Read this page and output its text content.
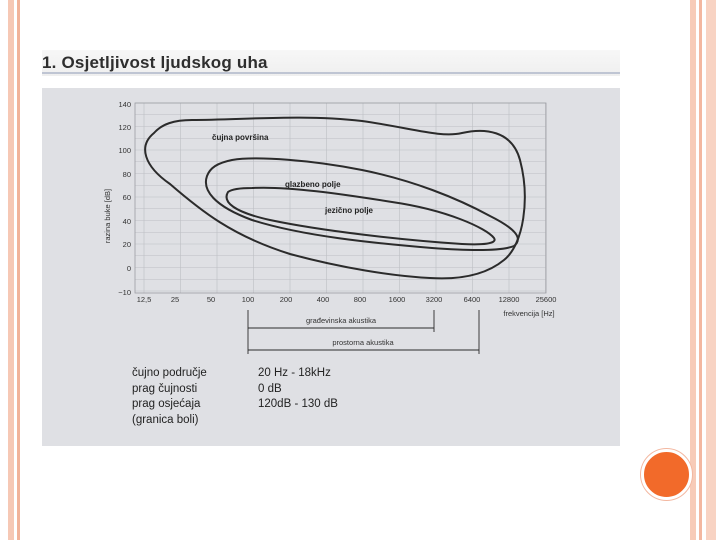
1. Osjetljivost ljudskog uha
140
120
100
80
60
40
20
0
−10
razina buke [dB]
12,5	25	50	100	200	400	800	1600	3200	6400 12800 25600
frekvencija [Hz]
čujna površina
glazbeno polje
jezično polje
građevinska akustika
prostorna akustika
čujno područje	20 Hz - 18kHz
prag čujnosti	0 dB
prag osjećaja	120dB - 130 dB
(granica boli)
